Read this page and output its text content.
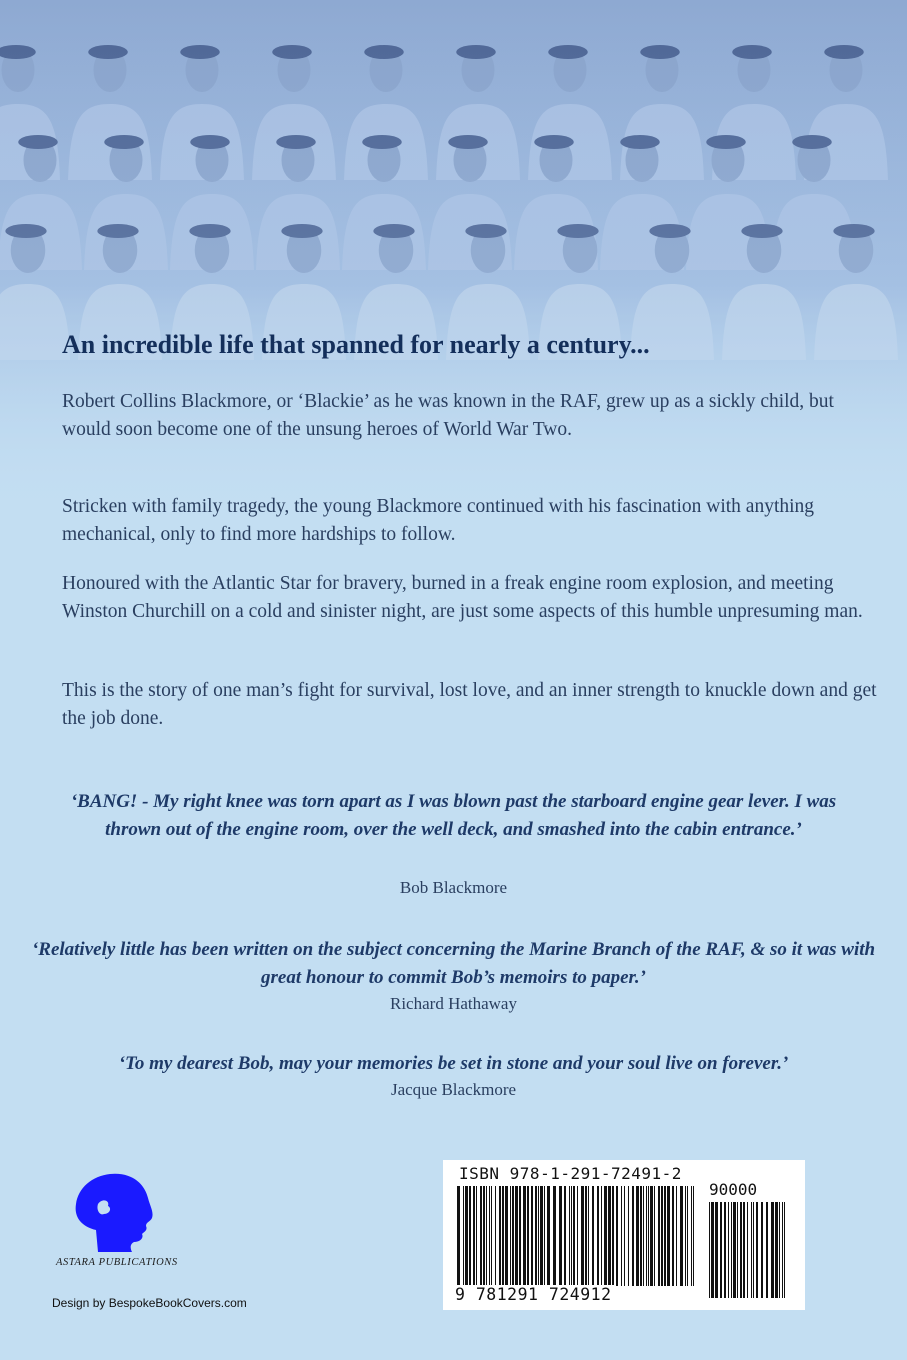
An incredible life that spanned for nearly a century...

Robert Collins Blackmore, or ‘Blackie’ as he was known in the RAF, grew up as a sickly child, but would soon become one of the unsung heroes of World War Two.

Stricken with family tragedy, the young Blackmore continued with his fascination with anything mechanical, only to find more hardships to follow.

Honoured with the Atlantic Star for bravery, burned in a freak engine room explosion, and meeting Winston Churchill on a cold and sinister night, are just some aspects of this humble unpresuming man.

This is the story of one man’s fight for survival, lost love, and an inner strength to knuckle down and get the job done.

‘BANG! - My right knee was torn apart as I was blown past the starboard engine gear lever. I was thrown out of the engine room, over the well deck, and smashed into the cabin entrance.’

Bob Blackmore

‘Relatively little has been written on the subject concerning the Marine Branch of the RAF, & so it was with great honour to commit Bob’s memoirs to paper.’

Richard Hathaway

‘To my dearest Bob, may your memories be set in stone and your soul live on forever.’

Jacque Blackmore

ASTARA PUBLICATIONS
Design by BespokeBookCovers.com
ISBN 978-1-291-72491-2
90000
9 781291 724912
